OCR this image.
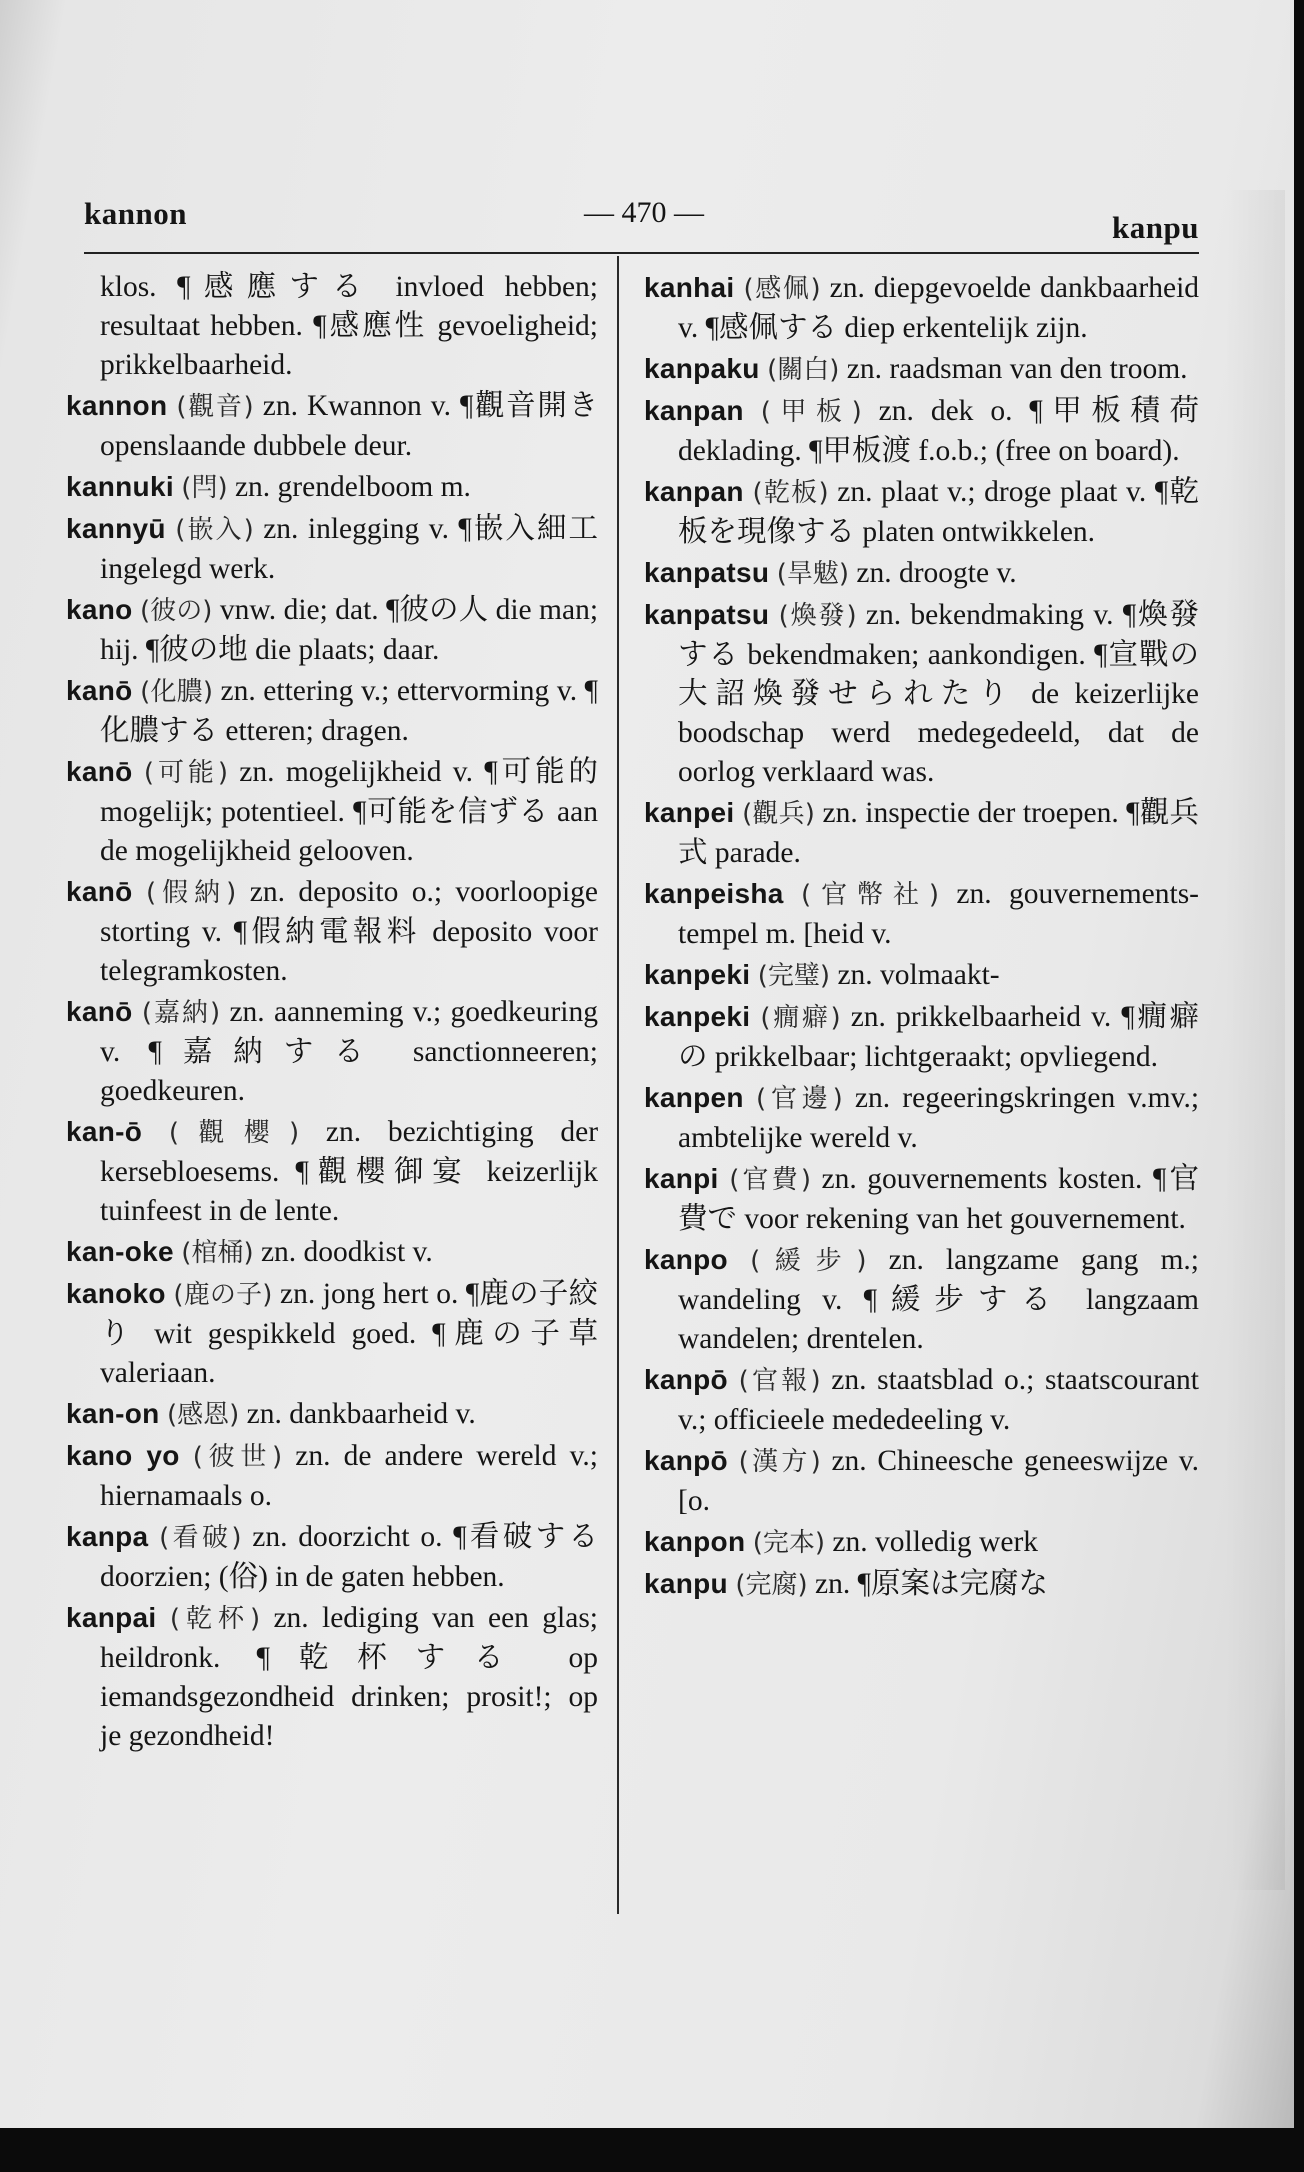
kannon	— 470 —	kanpu

klos. ¶感應する invloed hebben; resultaat hebben. ¶感應性 gevoeligheid; prikkelbaarheid.

kannon (觀音) zn. Kwannon v. ¶觀音開き openslaande dubbele deur.

kannuki (閂) zn. grendelboom m.

kannyū (嵌入) zn. inlegging v. ¶嵌入細工 ingelegd werk.

kano (彼の) vnw. die; dat. ¶彼の人 die man; hij. ¶彼の地 die plaats; daar.

kanō (化膿) zn. ettering v.; ettervorming v. ¶化膿する etteren; dragen.

kanō (可能) zn. mogelijkheid v. ¶可能的 mogelijk; potentieel. ¶可能を信ずる aan de mogelijkheid gelooven.

kanō (假納) zn. deposito o.; voorloopige storting v. ¶假納電報料 deposito voor telegramkosten.

kanō (嘉納) zn. aanneming v.; goedkeuring v. ¶嘉納する sanctionneeren; goedkeuren.

kan-ō (觀櫻) zn. bezichtiging der kersebloesems. ¶觀櫻御宴 keizerlijk tuinfeest in de lente.

kan-oke (棺桶) zn. doodkist v.

kanoko (鹿の子) zn. jong hert o. ¶鹿の子絞り wit gespikkeld goed. ¶鹿の子草 valeriaan.

kan-on (感恩) zn. dankbaarheid v.

kano yo (彼世) zn. de andere wereld v.; hiernamaals o.

kanpa (看破) zn. doorzicht o. ¶看破する doorzien; (俗) in de gaten hebben.

kanpai (乾杯) zn. lediging van een glas; heildronk. ¶乾杯する op iemandsgezondheid drinken; prosit!; op je gezondheid!

kanhai (感佩) zn. diepgevoelde dankbaarheid v. ¶感佩する diep erkentelijk zijn.

kanpaku (關白) zn. raadsman van den troom.

kanpan (甲板) zn. dek o. ¶甲板積荷 deklading. ¶甲板渡 f.o.b.; (free on board).

kanpan (乾板) zn. plaat v.; droge plaat v. ¶乾板を現像する platen ontwikkelen.

kanpatsu (旱魃) zn. droogte v.

kanpatsu (煥發) zn. bekendmaking v. ¶煥發する bekendmaken; aankondigen. ¶宣戰の大詔煥發せられたり de keizerlijke boodschap werd medegedeeld, dat de oorlog verklaard was.

kanpei (觀兵) zn. inspectie der troepen. ¶觀兵式 parade.

kanpeisha (官幣社) zn. gouvernements-tempel m. [heid v.

kanpeki (完璧) zn. volmaakt-

kanpeki (癇癖) zn. prikkelbaarheid v. ¶癇癖の prikkelbaar; lichtgeraakt; opvliegend.

kanpen (官邊) zn. regeeringskringen v.mv.; ambtelijke wereld v.

kanpi (官費) zn. gouvernements kosten. ¶官費で voor rekening van het gouvernement.

kanpo (緩步) zn. langzame gang m.; wandeling v. ¶緩步する langzaam wandelen; drentelen.

kanpō (官報) zn. staatsblad o.; staatscourant v.; officieele mededeeling v.

kanpō (漢方) zn. Chineesche geneeswijze v. [o.

kanpon (完本) zn. volledig werk

kanpu (完腐) zn. ¶原案は完腐な
